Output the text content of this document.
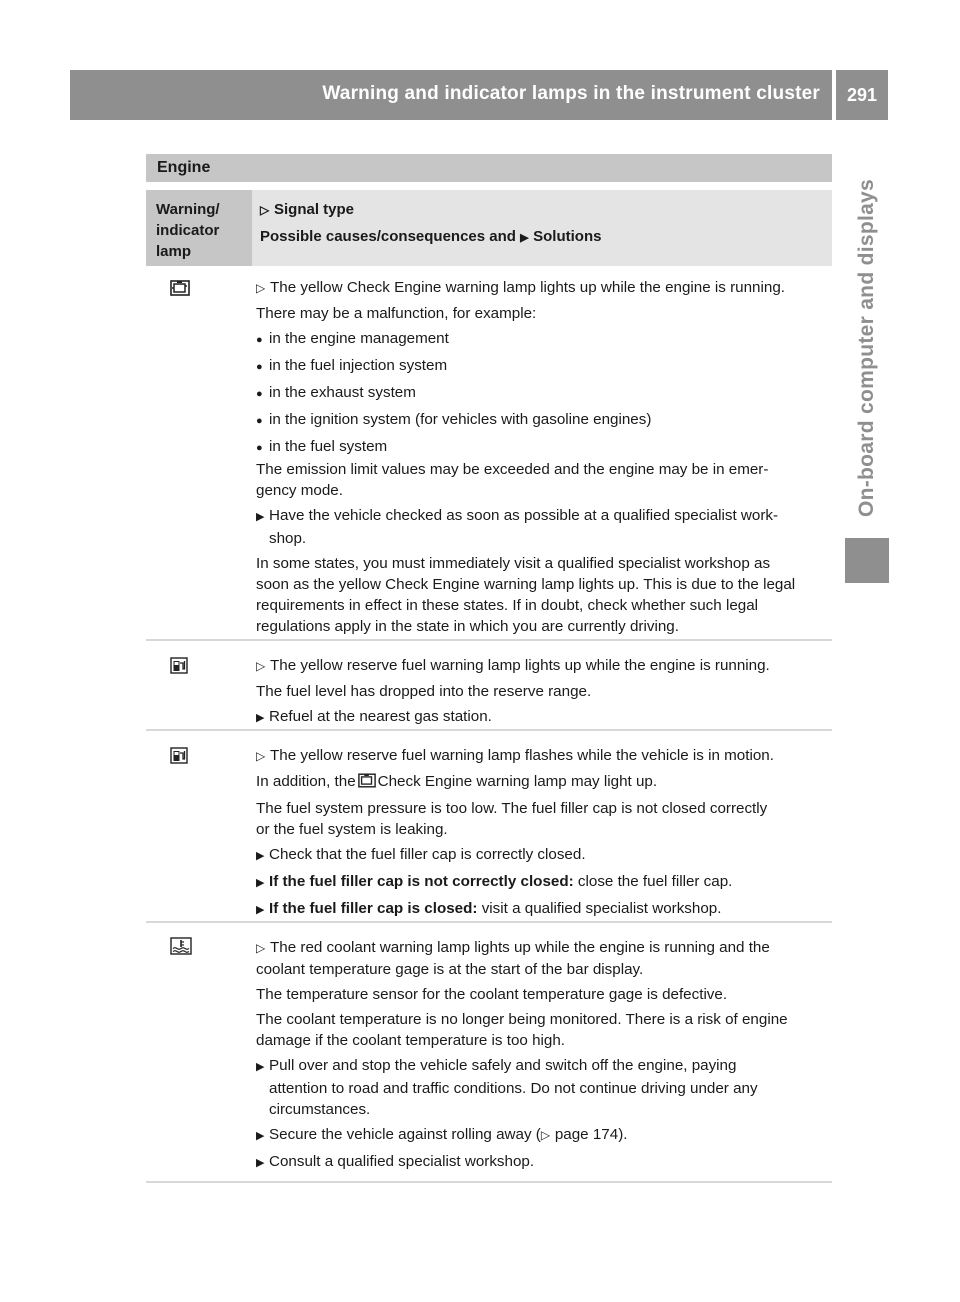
Warning and indicator lamps in the instrument cluster	291
On-board computer and displays
Engine
Warning/
indicator
lamp
▷ Signal type
Possible causes/consequences and ▶ Solutions
▷ The yellow Check Engine warning lamp lights up while the engine is running.
There may be a malfunction, for example:
● in the engine management
● in the fuel injection system
● in the exhaust system
● in the ignition system (for vehicles with gasoline engines)
● in the fuel system
The emission limit values may be exceeded and the engine may be in emer-
gency mode.
▶ Have the vehicle checked as soon as possible at a qualified specialist work-
shop.
In some states, you must immediately visit a qualified specialist workshop as
soon as the yellow Check Engine warning lamp lights up. This is due to the legal
requirements in effect in these states. If in doubt, check whether such legal
regulations apply in the state in which you are currently driving.
▷ The yellow reserve fuel warning lamp lights up while the engine is running.
The fuel level has dropped into the reserve range.
▶ Refuel at the nearest gas station.
▷ The yellow reserve fuel warning lamp flashes while the vehicle is in motion.
In addition, the Check Engine warning lamp may light up.
The fuel system pressure is too low. The fuel filler cap is not closed correctly
or the fuel system is leaking.
▶ Check that the fuel filler cap is correctly closed.
▶ If the fuel filler cap is not correctly closed: close the fuel filler cap.
▶ If the fuel filler cap is closed: visit a qualified specialist workshop.
▷ The red coolant warning lamp lights up while the engine is running and the
coolant temperature gage is at the start of the bar display.
The temperature sensor for the coolant temperature gage is defective.
The coolant temperature is no longer being monitored. There is a risk of engine
damage if the coolant temperature is too high.
▶ Pull over and stop the vehicle safely and switch off the engine, paying
attention to road and traffic conditions. Do not continue driving under any
circumstances.
▶ Secure the vehicle against rolling away (▷ page 174).
▶ Consult a qualified specialist workshop.
